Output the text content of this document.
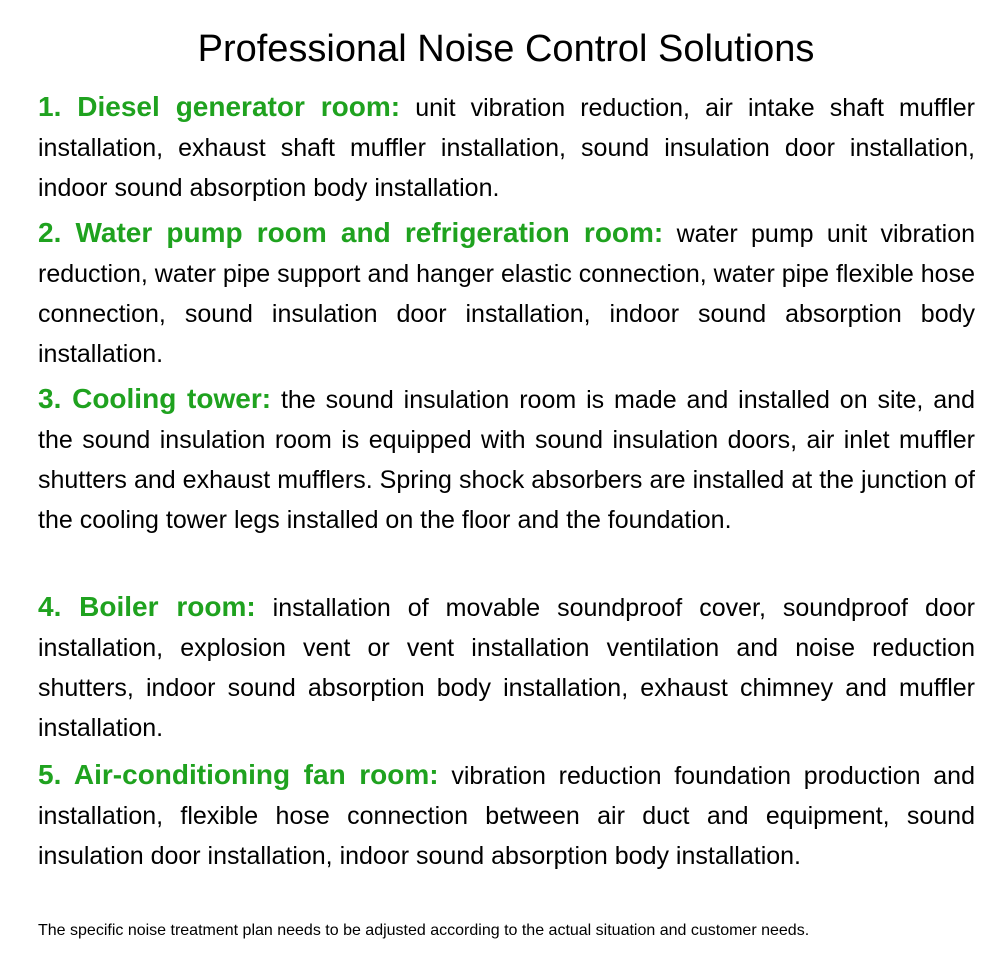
Professional Noise Control Solutions

1. Diesel generator room: unit vibration reduction, air intake shaft muffler installation, exhaust shaft muffler installation, sound insulation door installation, indoor sound absorption body installation.

2. Water pump room and refrigeration room: water pump unit vibration reduction, water pipe support and hanger elastic connection, water pipe flexible hose connection, sound insulation door installation, indoor sound absorption body installation.

3. Cooling tower: the sound insulation room is made and installed on site, and the sound insulation room is equipped with sound insulation doors, air inlet muffler shutters and exhaust mufflers. Spring shock absorbers are installed at the junction of the cooling tower legs installed on the floor and the foundation.

4. Boiler room: installation of movable soundproof cover, soundproof door installation, explosion vent or vent installation ventilation and noise reduction shutters, indoor sound absorption body installation, exhaust chimney and muffler installation.

5. Air-conditioning fan room: vibration reduction foundation production and installation, flexible hose connection between air duct and equipment, sound insulation door installation, indoor sound absorption body installation.

The specific noise treatment plan needs to be adjusted according to the actual situation and customer needs.
